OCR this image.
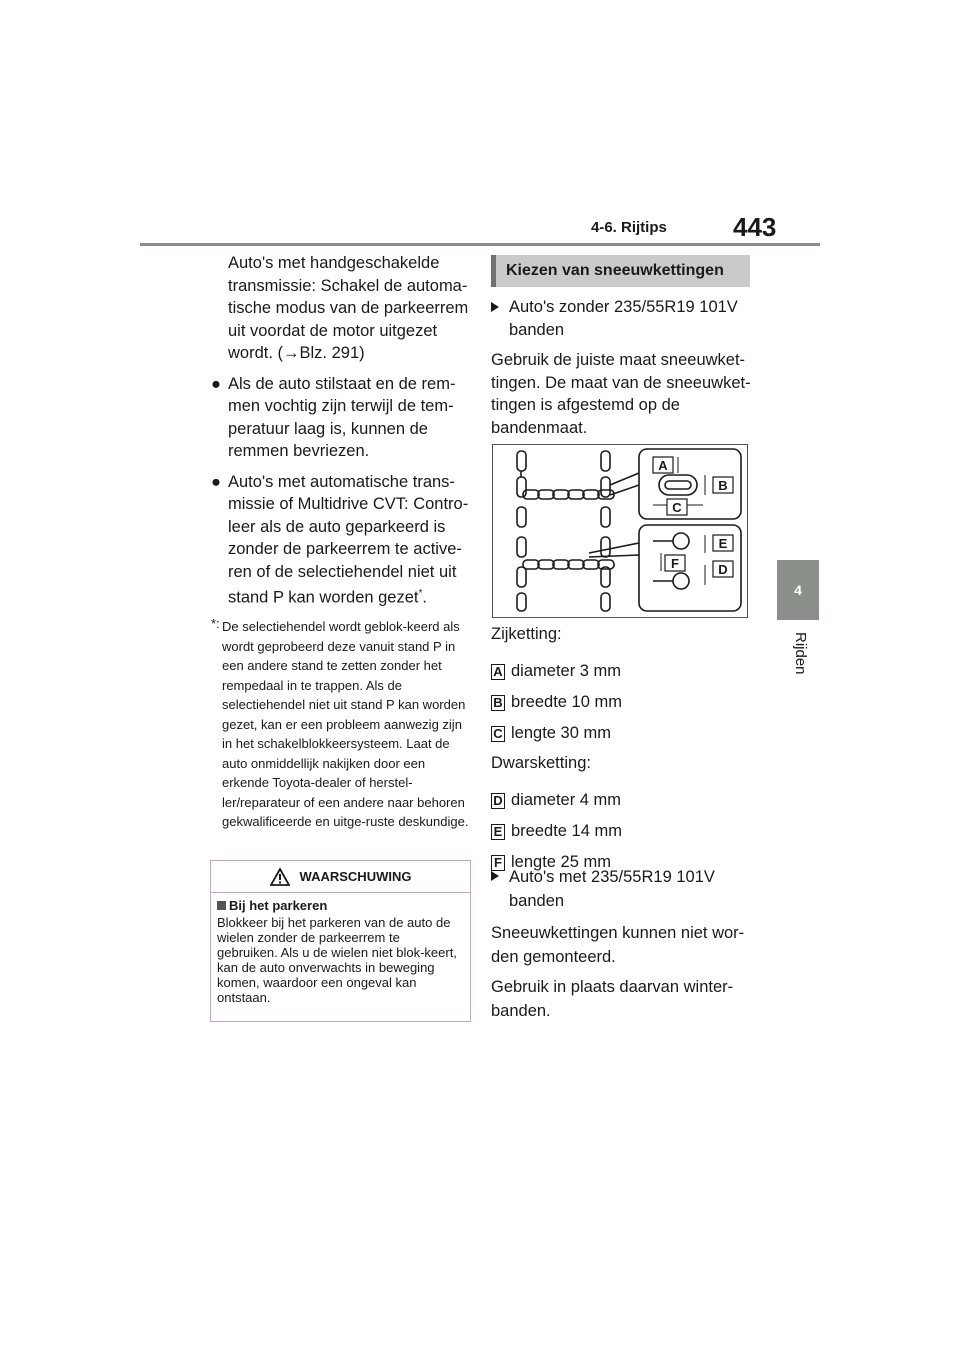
4-6. Rijtips	443
4
Rijden

Auto's met handgeschakelde transmissie: Schakel de automa-tische modus van de parkeerrem uit voordat de motor uitgezet wordt. (→Blz. 291)

● Als de auto stilstaat en de rem-men vochtig zijn terwijl de tem-peratuur laag is, kunnen de remmen bevriezen.
● Auto's met automatische trans-missie of Multidrive CVT: Contro-leer als de auto geparkeerd is zonder de parkeerrem te active-ren of de selectiehendel niet uit stand P kan worden gezet*.
*: De selectiehendel wordt geblok-keerd als wordt geprobeerd deze vanuit stand P in een andere stand te zetten zonder het rempedaal in te trappen. Als de selectiehendel niet uit stand P kan worden gezet, kan er een probleem aanwezig zijn in het schakelblokkeersysteem. Laat de auto onmiddellijk nakijken door een erkende Toyota-dealer of herstel-ler/reparateur of een andere naar behoren gekwalificeerde en uitge-ruste deskundige.
WAARSCHUWING
Bij het parkeren
Blokkeer bij het parkeren van de auto de wielen zonder de parkeerrem te gebruiken. Als u de wielen niet blok-keert, kan de auto onverwachts in beweging komen, waardoor een ongeval kan ontstaan.
Kiezen van sneeuwkettingen
Auto's zonder 235/55R19 101V banden
Gebruik de juiste maat sneeuwket-tingen. De maat van de sneeuwket-tingen is afgestemd op de bandenmaat.
A
B
C
E
F	D
Zijketting:
A diameter 3 mm
B breedte 10 mm
C lengte 30 mm
Dwarsketting:
D diameter 4 mm
E breedte 14 mm
F lengte 25 mm
Auto's met 235/55R19 101V banden
Sneeuwkettingen kunnen niet wor-den gemonteerd.
Gebruik in plaats daarvan winter-banden.
